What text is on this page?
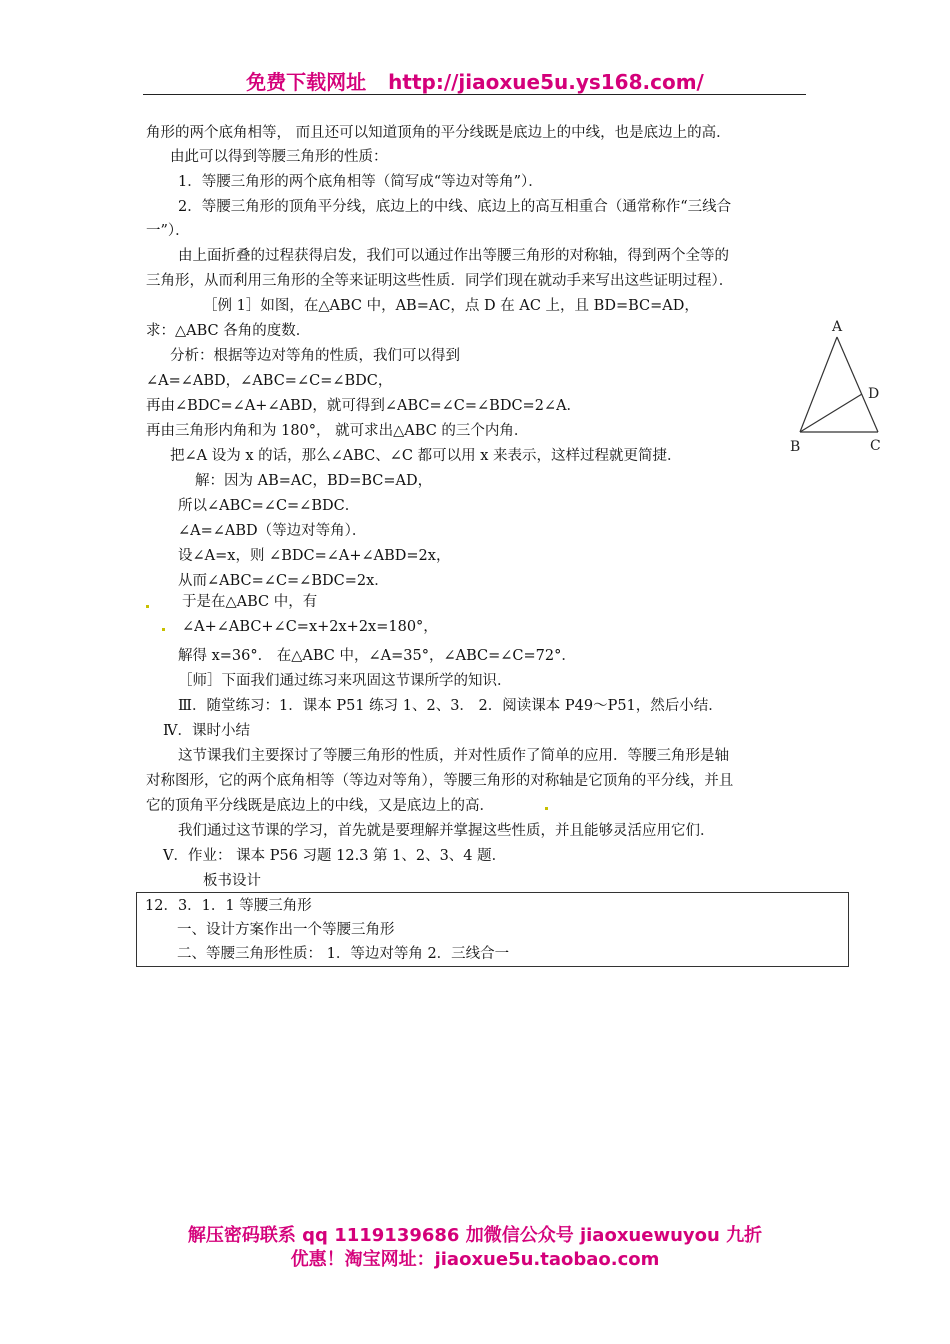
免费下载网址 http://jiaoxue5u.ys168.com/
角形的两个底角相等， 而且还可以知道顶角的平分线既是底边上的中线，也是底边上的高．
由此可以得到等腰三角形的性质：
1．等腰三角形的两个底角相等（简写成“等边对等角”）．
2．等腰三角形的顶角平分线，底边上的中线、底边上的高互相重合（通常称作“三线合
一”）．
由上面折叠的过程获得启发，我们可以通过作出等腰三角形的对称轴，得到两个全等的
三角形，从而利用三角形的全等来证明这些性质．同学们现在就动手来写出这些证明过程）．
［例 1］如图，在△ABC 中，AB=AC，点 D 在 AC 上，且 BD=BC=AD，
求：△ABC 各角的度数．
分析：根据等边对等角的性质，我们可以得到
∠A=∠ABD，∠ABC=∠C=∠BDC，
再由∠BDC=∠A+∠ABD，就可得到∠ABC=∠C=∠BDC=2∠A．
再由三角形内角和为 180°， 就可求出△ABC 的三个内角．
把∠A 设为 x 的话，那么∠ABC、∠C 都可以用 x 来表示，这样过程就更简捷．
解：因为 AB=AC，BD=BC=AD，
所以∠ABC=∠C=∠BDC．
∠A=∠ABD（等边对等角）．
设∠A=x，则 ∠BDC=∠A+∠ABD=2x，
从而∠ABC=∠C=∠BDC=2x．
于是在△ABC 中，有
∠A+∠ABC+∠C=x+2x+2x=180°，
解得 x=36°． 在△ABC 中，∠A=35°，∠ABC=∠C=72°．
［师］下面我们通过练习来巩固这节课所学的知识．
Ⅲ．随堂练习：1．课本 P51 练习 1、2、3． 2．阅读课本 P49～P51，然后小结．
Ⅳ．课时小结
这节课我们主要探讨了等腰三角形的性质，并对性质作了简单的应用．等腰三角形是轴
对称图形，它的两个底角相等（等边对等角），等腰三角形的对称轴是它顶角的平分线，并且
它的顶角平分线既是底边上的中线，又是底边上的高．
我们通过这节课的学习，首先就是要理解并掌握这些性质，并且能够灵活应用它们．
Ⅴ．作业： 课本 P56 习题 12.3 第 1、2、3、4 题．
板书设计
12．3．1．1 等腰三角形
一、设计方案作出一个等腰三角形
二、等腰三角形性质： 1．等边对等角 2．三线合一
A
B	C
D
解压密码联系 qq 1119139686 加微信公众号 jiaoxuewuyou 九折
优惠！淘宝网址：jiaoxue5u.taobao.com
